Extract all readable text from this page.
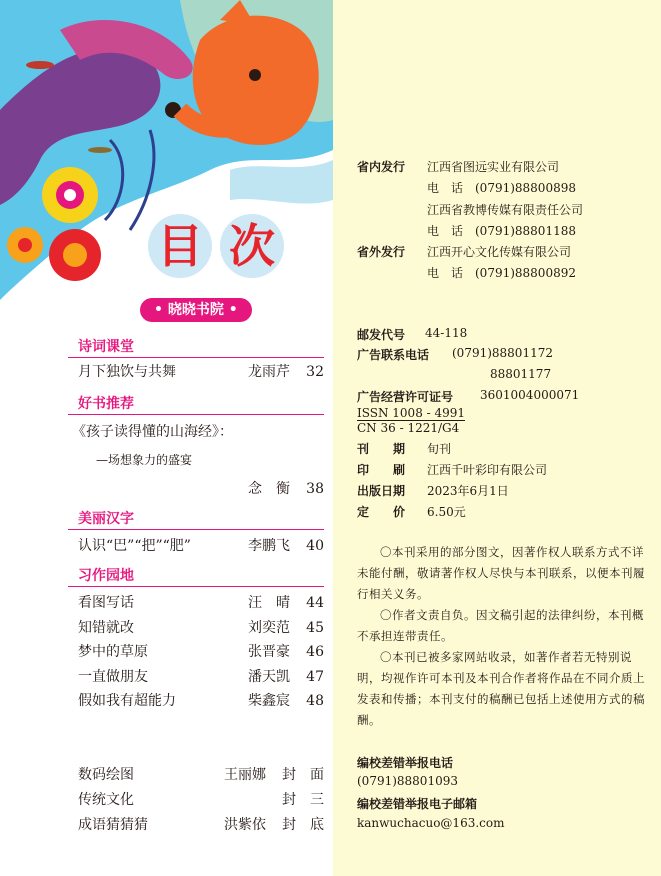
目 次
• 晓晓书院 •
诗词课堂
月下独饮与共舞	龙雨芹 32
好书推荐
《孩子读得懂的山海经》：
—场想象力的盛宴
念　衡 38
美丽汉字
认识“巴”“把”“肥”	李鹏飞 40
习作园地
看图写话	汪　晴 44
知错就改	刘奕范 45
梦中的草原	张晋豪 46
一直做朋友	潘天凯 47
假如我有超能力	柴鑫宸 48
数码绘图	王丽娜 封　面
传统文化	封　三
成语猜猜猜	洪紫依 封　底
省内发行 江西省图远实业有限公司
电　话　(0791)88800898
江西省教博传媒有限责任公司
电　话　(0791)88801188
省外发行 江西开心文化传媒有限公司
电　话　(0791)88800892
邮发代号 44-118
广告联系电话 (0791)88801172
88801177
广告经营许可证号 3601004000071
ISSN 1008 - 4991
CN 36 - 1221/G4
刊　　期 旬刊
印　　刷 江西千叶彩印有限公司
出版日期 2023年6月1日
定　　价 6.50元

〇本刊采用的部分图文，因著作权人联系方式不详未能付酬，敬请著作权人尽快与本刊联系，以便本刊履行相关义务。

〇作者文责自负。因文稿引起的法律纠纷，本刊概不承担连带责任。

〇本刊已被多家网站收录，如著作者若无特别说明，均视作许可本刊及本刊合作者将作品在不同介质上发表和传播；本刊支付的稿酬已包括上述使用方式的稿酬。

编校差错举报电话
(0791)88801093
编校差错举报电子邮箱
kanwuchacuo@163.com
